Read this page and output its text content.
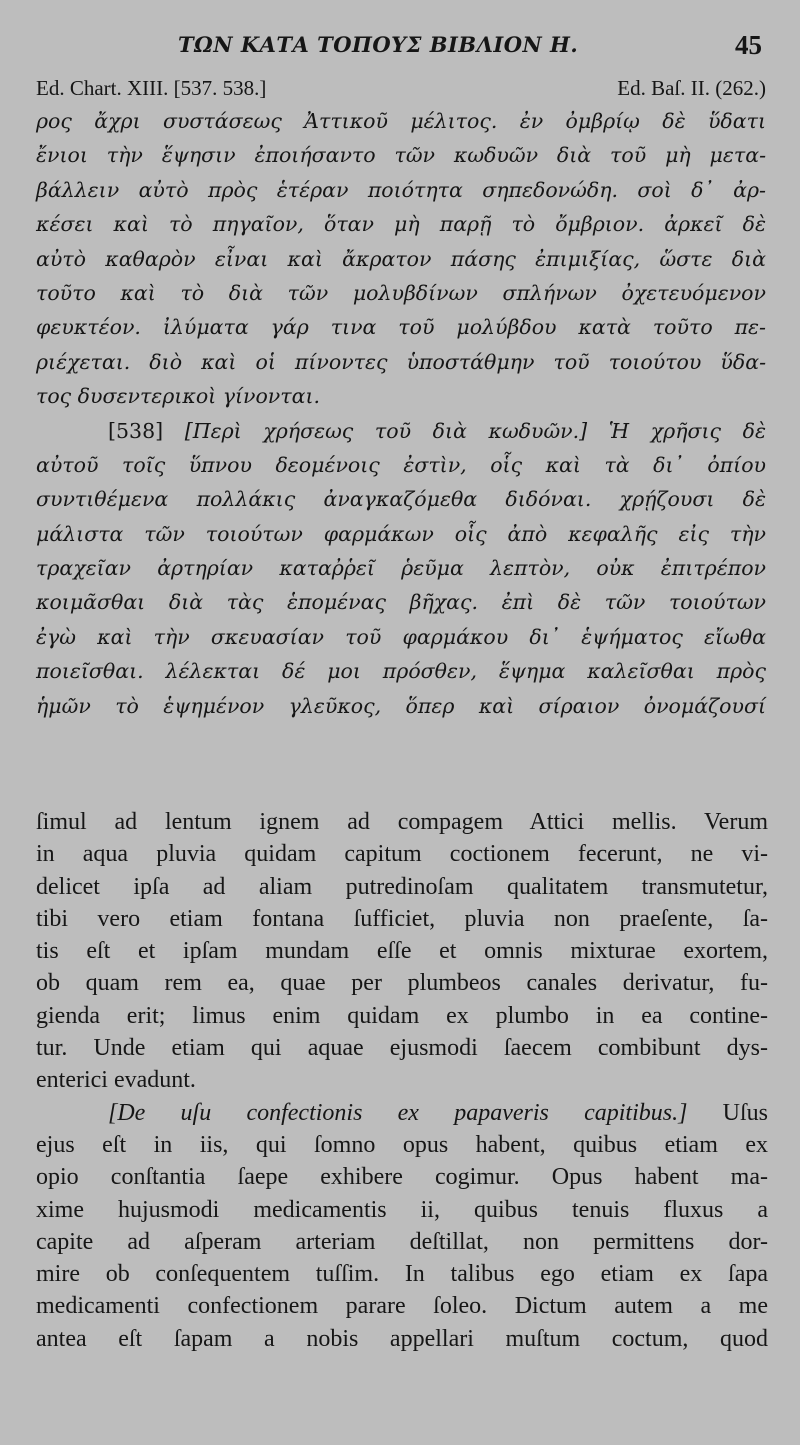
ΤΩΝ ΚΑΤΑ ΤΟΠΟΥΣ ΒΙΒΛΙΟΝ Η.	45
Ed. Chart. XIII. [537. 538.]	Ed. Baſ. II. (262.)
ρος ἄχρι συστάσεως Ἀττικοῦ μέλιτος. ἐν ὀμβρίῳ δὲ ὕδατι
ἔνιοι τὴν ἕψησιν ἐποιήσαντο τῶν κωδυῶν διὰ τοῦ μὴ μετα-
βάλλειν αὐτὸ πρὸς ἑτέραν ποιότητα σηπεδονώδη. σοὶ δ᾽ ἀρ-
κέσει καὶ τὸ πηγαῖον, ὅταν μὴ παρῇ τὸ ὄμβριον. ἀρκεῖ δὲ
αὐτὸ καθαρὸν εἶναι καὶ ἄκρατον πάσης ἐπιμιξίας, ὥστε διὰ
τοῦτο καὶ τὸ διὰ τῶν μολυβδίνων σπλήνων ὀχετευόμενον
φευκτέον. ἰλύματα γάρ τινα τοῦ μολύβδου κατὰ τοῦτο πε-
ριέχεται. διὸ καὶ οἱ πίνοντες ὑποστάθμην τοῦ τοιούτου ὕδα-
τος δυσεντερικοὶ γίνονται.
[538] [Περὶ χρήσεως τοῦ διὰ κωδυῶν.] Ἡ χρῆσις δὲ
αὐτοῦ τοῖς ὕπνου δεομένοις ἐστὶν, οἷς καὶ τὰ δι᾽ ὀπίου
συντιθέμενα πολλάκις ἀναγκαζόμεθα διδόναι. χρῄζουσι δὲ
μάλιστα τῶν τοιούτων φαρμάκων οἷς ἀπὸ κεφαλῆς εἰς τὴν
τραχεῖαν ἀρτηρίαν καταῤῥεῖ ῥεῦμα λεπτὸν, οὐκ ἐπιτρέπον
κοιμᾶσθαι διὰ τὰς ἑπομένας βῆχας. ἐπὶ δὲ τῶν τοιούτων
ἐγὼ καὶ τὴν σκευασίαν τοῦ φαρμάκου δι᾽ ἑψήματος εἴωθα
ποιεῖσθαι. λέλεκται δέ μοι πρόσθεν, ἕψημα καλεῖσθαι πρὸς
ἡμῶν τὸ ἑψημένον γλεῦκος, ὅπερ καὶ σίραιον ὀνομάζουσί
ſimul ad lentum ignem ad compagem Attici mellis. Verum
in aqua pluvia quidam capitum coctionem fecerunt, ne vi-
delicet ipſa ad aliam putredinoſam qualitatem transmutetur,
tibi vero etiam fontana ſufficiet, pluvia non praeſente, ſa-
tis eſt et ipſam mundam eſſe et omnis mixturae exortem,
ob quam rem ea, quae per plumbeos canales derivatur, fu-
gienda erit; limus enim quidam ex plumbo in ea contine-
tur. Unde etiam qui aquae ejusmodi ſaecem combibunt dys-
enterici evadunt.
[De uſu confectionis ex papaveris capitibus.] Uſus
ejus eſt in iis, qui ſomno opus habent, quibus etiam ex
opio conſtantia ſaepe exhibere cogimur. Opus habent ma-
xime hujusmodi medicamentis ii, quibus tenuis fluxus a
capite ad aſperam arteriam deſtillat, non permittens dor-
mire ob conſequentem tuſſim. In talibus ego etiam ex ſapa
medicamenti confectionem parare ſoleo. Dictum autem a me
antea eſt ſapam a nobis appellari muſtum coctum, quod
